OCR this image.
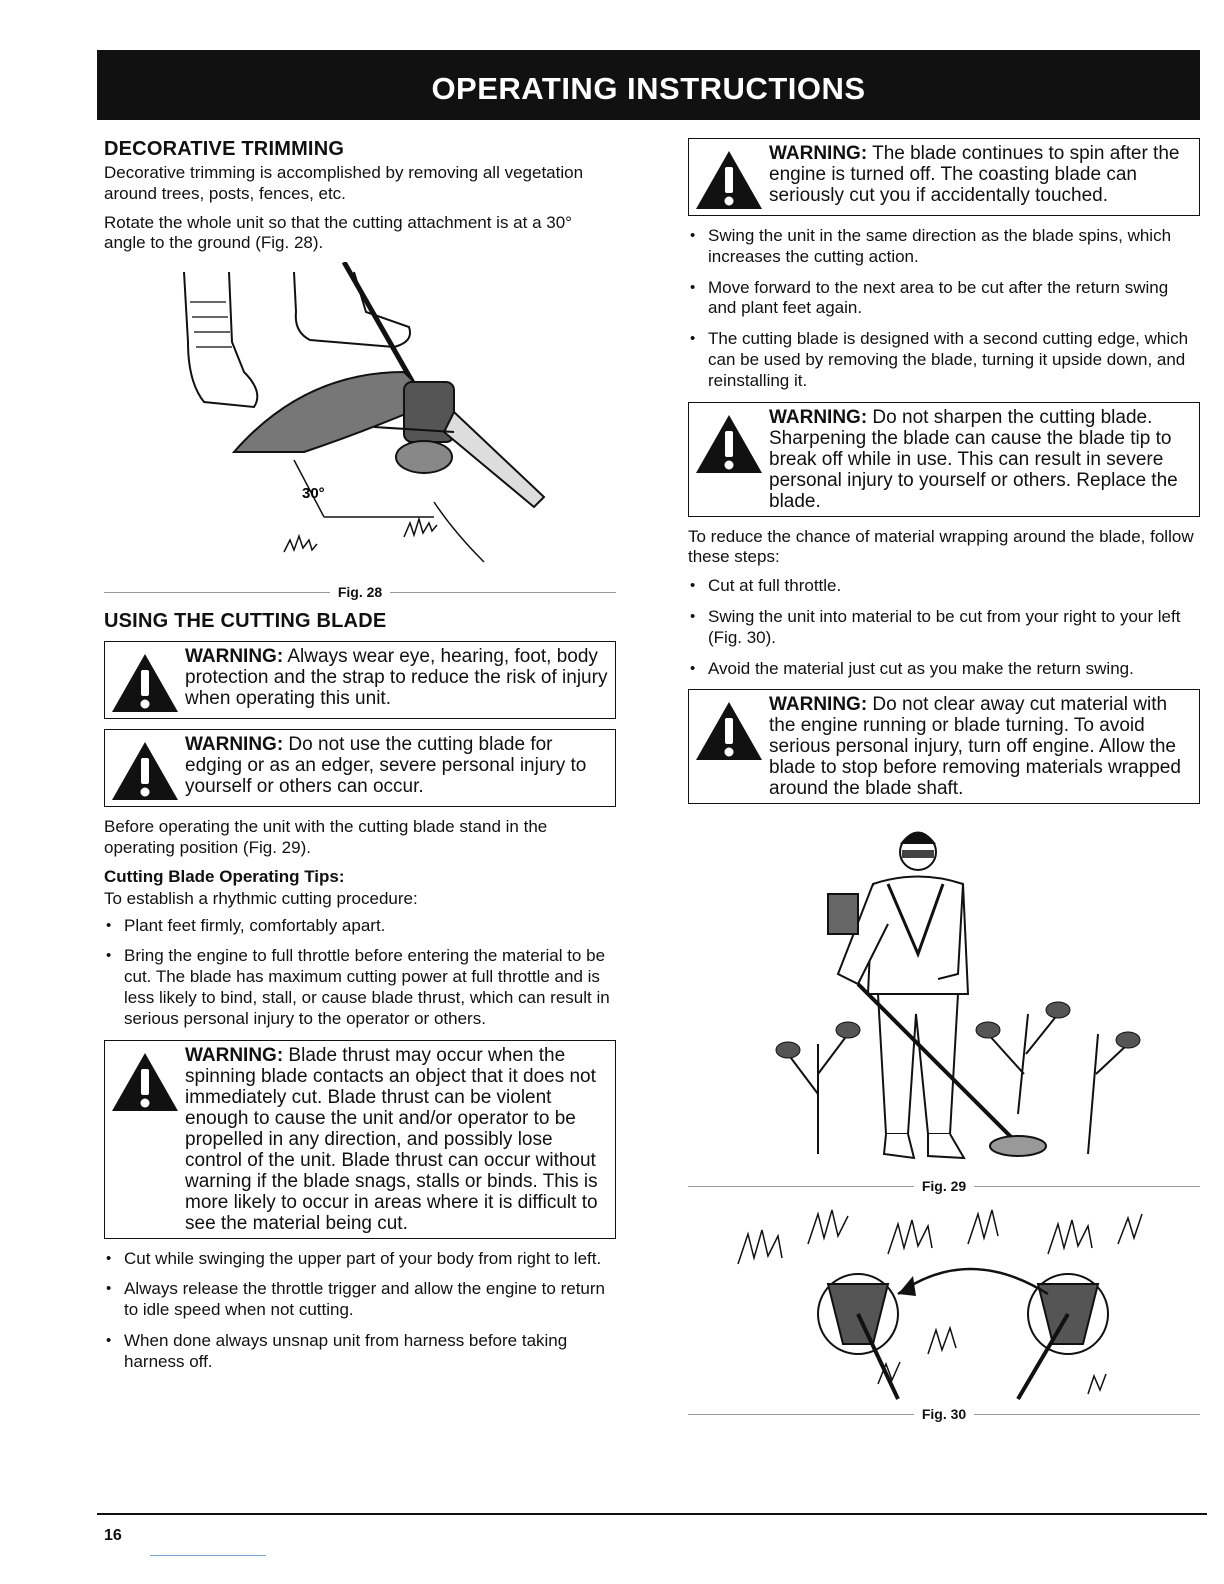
OPERATING INSTRUCTIONS
DECORATIVE TRIMMING

Decorative trimming is accomplished by removing all vegetation around trees, posts, fences, etc.

Rotate the whole unit so that the cutting attachment is at a 30° angle to the ground (Fig. 28).

30°
Fig. 28
USING THE CUTTING BLADE
WARNING: Always wear eye, hearing, foot, body protection and the strap to reduce the risk of injury when operating this unit.
WARNING: Do not use the cutting blade for edging or as an edger, severe personal injury to yourself or others can occur.

Before operating the unit with the cutting blade stand in the operating position (Fig. 29).

Cutting Blade Operating Tips:

To establish a rhythmic cutting procedure:

• Plant feet firmly, comfortably apart.
• Bring the engine to full throttle before entering the material to be cut. The blade has maximum cutting power at full throttle and is less likely to bind, stall, or cause blade thrust, which can result in serious personal injury to the operator or others.
WARNING: Blade thrust may occur when the spinning blade contacts an object that it does not immediately cut. Blade thrust can be violent enough to cause the unit and/or operator to be propelled in any direction, and possibly lose control of the unit. Blade thrust can occur without warning if the blade snags, stalls or binds. This is more likely to occur in areas where it is difficult to see the material being cut.
• Cut while swinging the upper part of your body from right to left.
• Always release the throttle trigger and allow the engine to return to idle speed when not cutting.
• When done always unsnap unit from harness before taking harness off.
WARNING: The blade continues to spin after the engine is turned off. The coasting blade can seriously cut you if accidentally touched.
• Swing the unit in the same direction as the blade spins, which increases the cutting action.
• Move forward to the next area to be cut after the return swing and plant feet again.
• The cutting blade is designed with a second cutting edge, which can be used by removing the blade, turning it upside down, and reinstalling it.
WARNING: Do not sharpen the cutting blade. Sharpening the blade can cause the blade tip to break off while in use. This can result in severe personal injury to yourself or others. Replace the blade.

To reduce the chance of material wrapping around the blade, follow these steps:

• Cut at full throttle.
• Swing the unit into material to be cut from your right to your left (Fig. 30).
• Avoid the material just cut as you make the return swing.
WARNING: Do not clear away cut material with the engine running or blade turning. To avoid serious personal injury, turn off engine. Allow the blade to stop before removing materials wrapped around the blade shaft.
Fig. 29
Fig. 30
16
